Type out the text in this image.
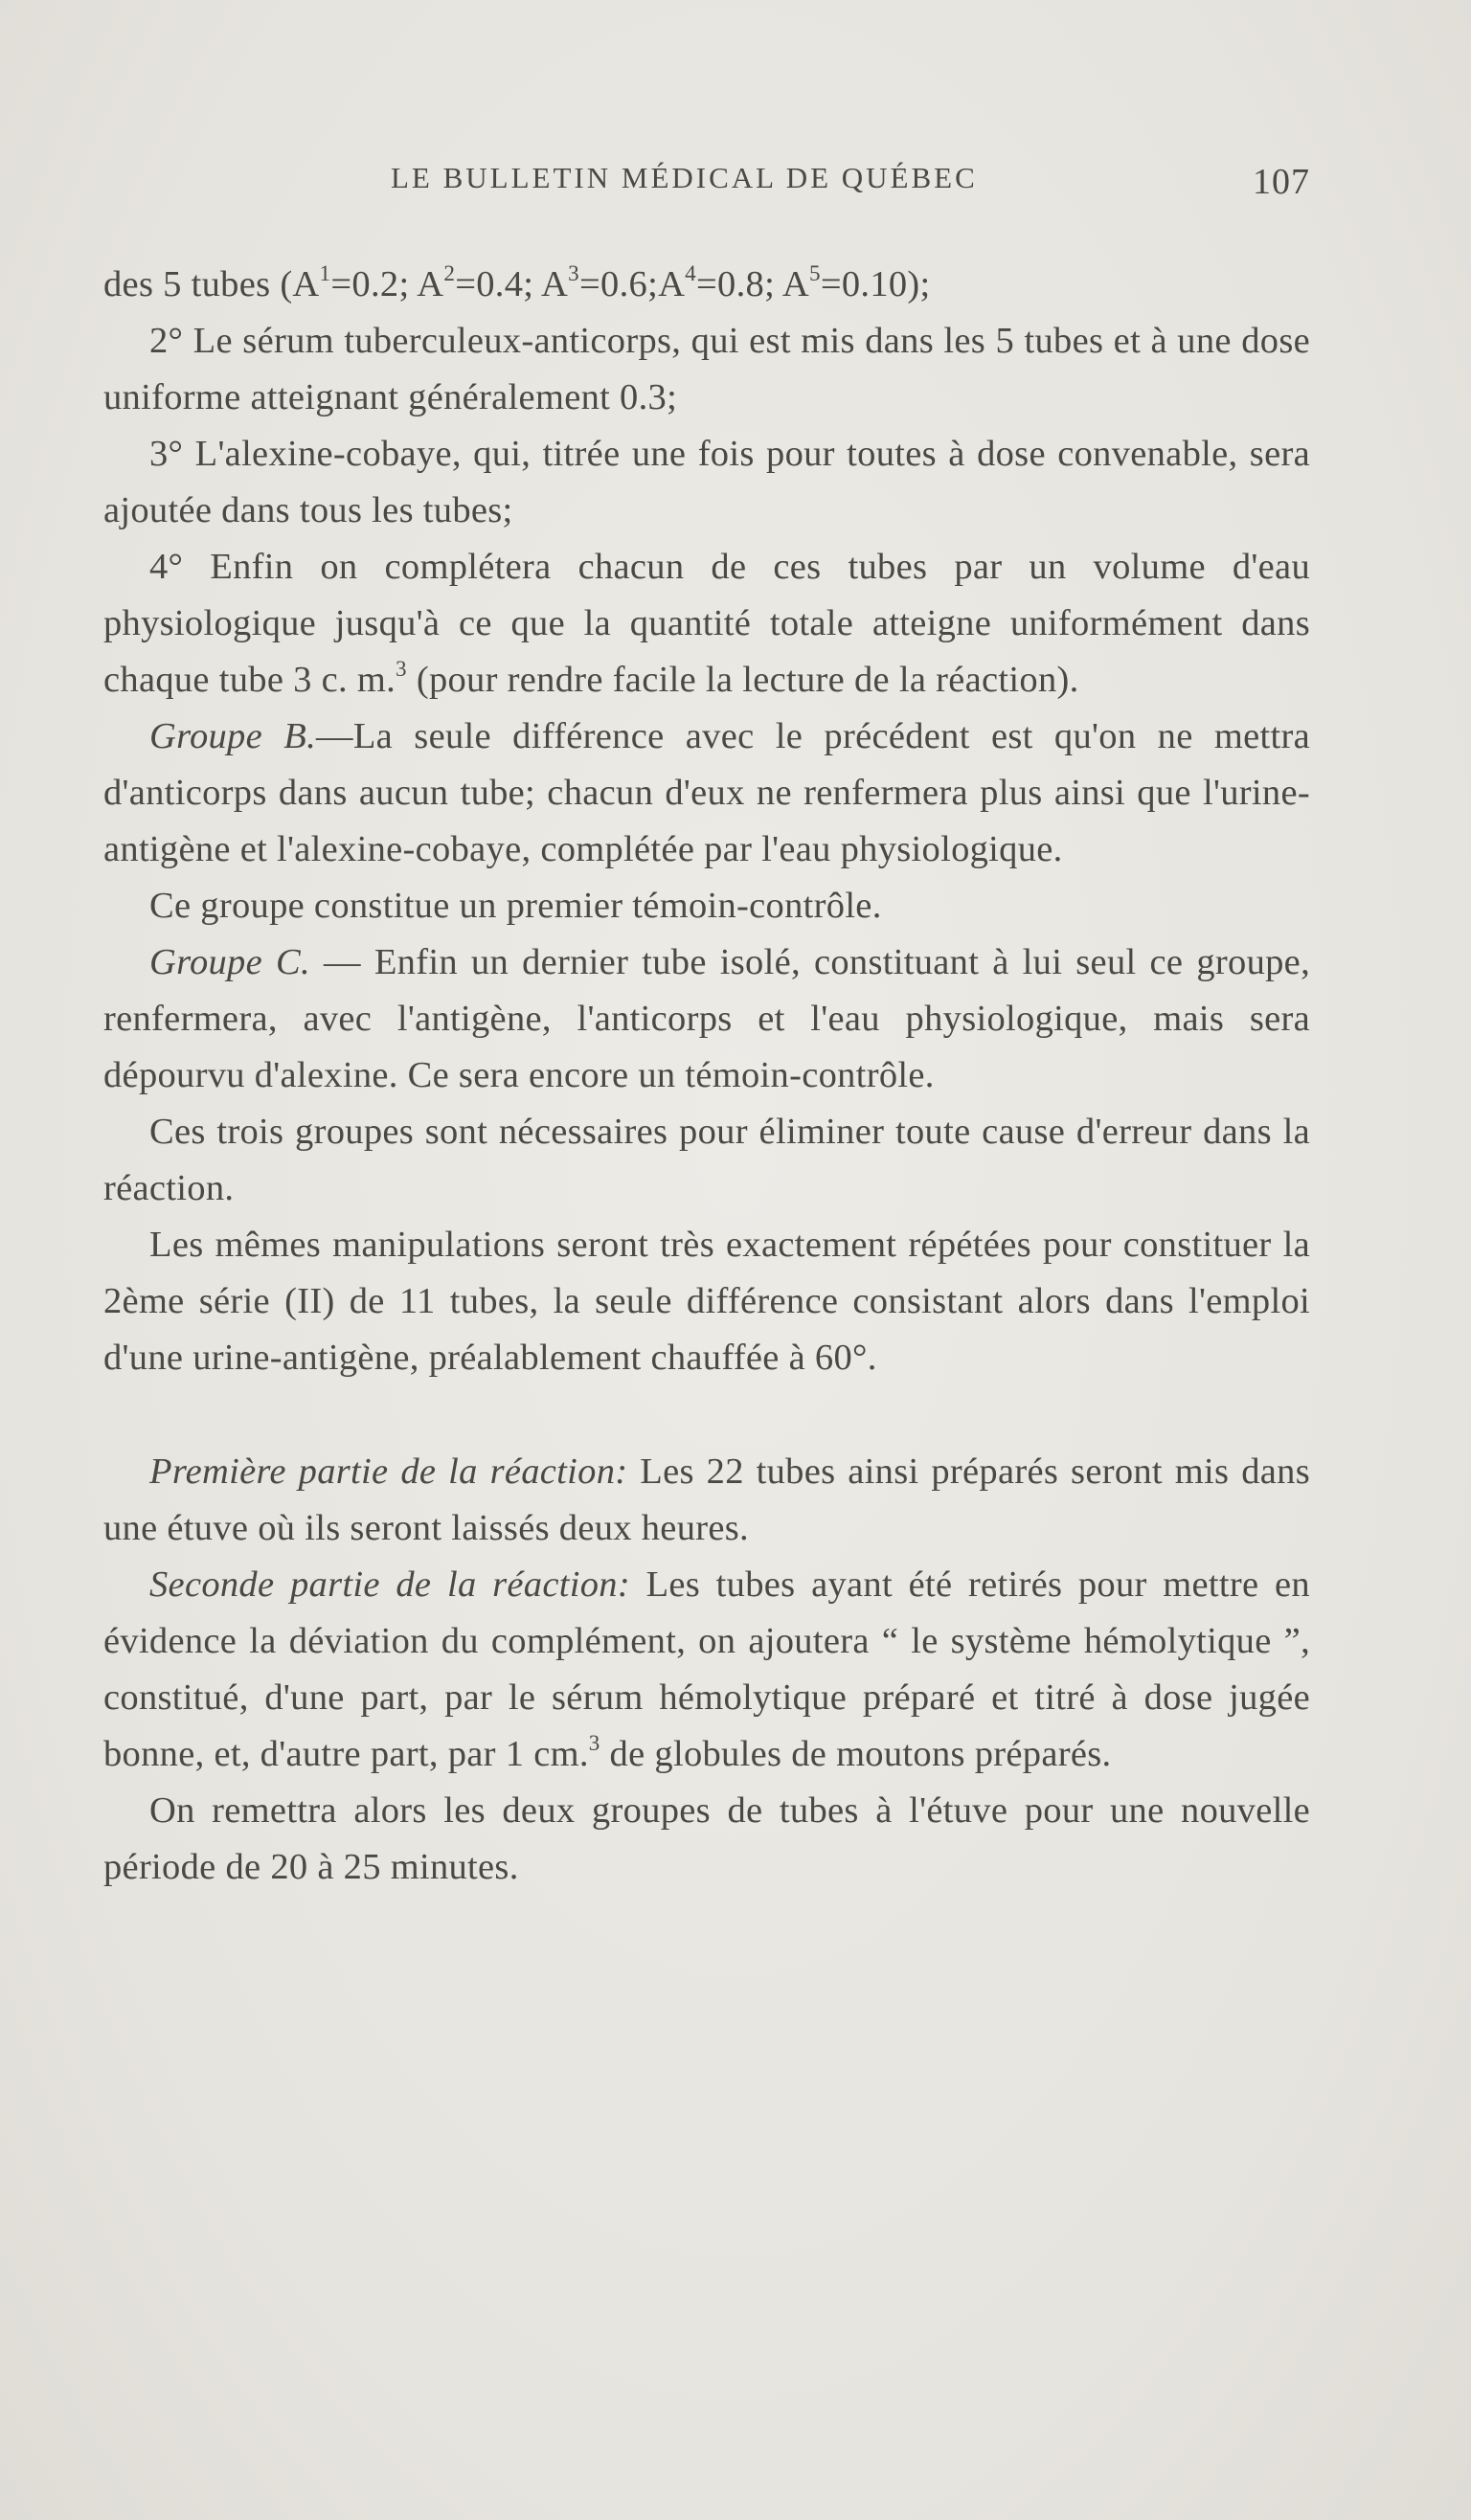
LE BULLETIN MÉDICAL DE QUÉBEC	107

des 5 tubes ($A^1=0.2$; $A^2=0.4$; $A^3=0.6;A^4=0.8$; $A^5=0.10$);

2° Le sérum tuberculeux-anticorps, qui est mis dans les 5 tubes et à une dose uniforme atteignant généralement 0.3;

3° L'alexine-cobaye, qui, titrée une fois pour toutes à dose convenable, sera ajoutée dans tous les tubes;

4° Enfin on complétera chacun de ces tubes par un volume d'eau physiologique jusqu'à ce que la quantité totale atteigne uniformément dans chaque tube 3 c. m.$^3$ (pour rendre facile la lecture de la réaction).

Groupe B.—La seule différence avec le précédent est qu'on ne mettra d'anticorps dans aucun tube; chacun d'eux ne renfermera plus ainsi que l'urine-antigène et l'alexine-cobaye, complétée par l'eau physiologique.

Ce groupe constitue un premier témoin-contrôle.

Groupe C. — Enfin un dernier tube isolé, constituant à lui seul ce groupe, renfermera, avec l'antigène, l'anticorps et l'eau physiologique, mais sera dépourvu d'alexine. Ce sera encore un témoin-contrôle.

Ces trois groupes sont nécessaires pour éliminer toute cause d'erreur dans la réaction.

Les mêmes manipulations seront très exactement répétées pour constituer la 2ème série (II) de 11 tubes, la seule différence consistant alors dans l'emploi d'une urine-antigène, préalablement chauffée à 60°.

Première partie de la réaction: Les 22 tubes ainsi préparés seront mis dans une étuve où ils seront laissés deux heures.

Seconde partie de la réaction: Les tubes ayant été retirés pour mettre en évidence la déviation du complément, on ajoutera “ le système hémolytique ”, constitué, d'une part, par le sérum hémolytique préparé et titré à dose jugée bonne, et, d'autre part, par 1 cm.$^3$ de globules de moutons préparés.

On remettra alors les deux groupes de tubes à l'étuve pour une nouvelle période de 20 à 25 minutes.
